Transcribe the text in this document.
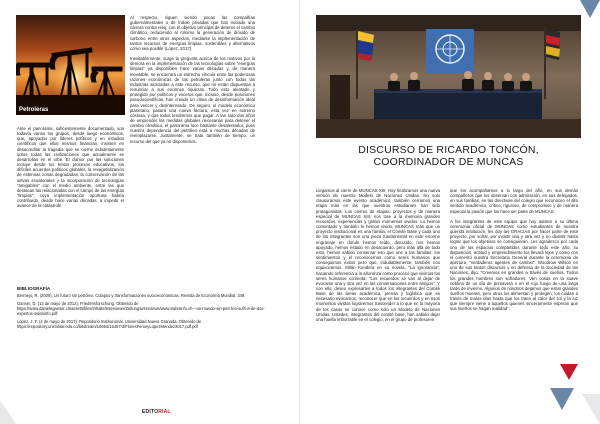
Petroleras

Ante el panorama, suficientemente documentado, son todavía varios los grupos, desde luego económicos, que, apoyados por líderes políticos y en estudios científicos que ellos mismos financian, insisten en desacreditar la tragedia que se cierne indistintamente sobre todas las civilizaciones que actualmente se desarrollan en el orbe. El clamor por las soluciones incluye desde los lentos procesos educativos, los difíciles acuerdos políticos globales, la revegetalización de extensas zonas degradadas, la conservación de las selvas ecuatoriales y la incorporación de tecnologías "amigables" con el medio ambiente, entre las que destacan las relacionadas con el campo de las energías "limpias", cuya implementación oportuna habría contribuido, desde hace varias décadas, a impedir el avance de la catástrofe

Al respecto, siguen siendo pocas las compañías gubernamentales o de índole privadas que han iniciado una carrera contra reloj, con el objetivo principal de detener el cambio climático, reduciendo al mínimo la generación de dióxido de carbono entre otros aspectos, mediante la implementación de tantos recursos de energías limpias, sostenibles y alternativos como sea posible (López, 2017).

Inevitablemente, surge la pregunta acerca de los motivos por la demora en la implementación de las tecnologías sobre "energías limpias" ya disponibles hace varias décadas y, de manera inevitable, se encuentra un estrecho vínculo entre las poderosas razones económicas de las petroleras junto con todas las industrias asociadas a este recurso, que no están dispuestas a renunciar a sus enormes riquezas. Todo esto alentado y protegido por políticos y voceros que, incluso, desde posiciones pseudocientíficas, han creado un clima de desinformación ideal para vencer y desinteresado. De seguro, el modelo económico planetario, pasará una nueva factura, esta vez en extremo costosa, y que todos tendremos que pagar. A tan solo dos años de emprender las medidas globales necesarias para detener el cambio climático, el panorama luce bastante desalentador, pues nuestra dependencia del petróleo está a muchas décadas de reemplazarse. Justamente, se trata también de tiempo, un recurso del que ya no disponemos.

BIBLIOGRAFÍA

Bermejo, R. (2009). Un futuro sin petróleo. Colapso y transformaciones socioeconómicas. Revista de Economía Mundial, 349.

Ganser, D. (13 de mayo de 2012). Friedensforschung. Obtenido de https://www.danieleganser.ch/assets/files/Inhalte/Interviews/Zeitungsinterviews/www.swissinfo.ch---un-mundo-sin-petr-leo-sufri-a-de-dos-expertos-swissinfo.pdf

López, J. F. (4 de mayo de 2017). Repositorio Institucional. Universidad Nueva Granada. Obtenido de https://repository.unimilitar.edu.co/bitstream/10654/16457/3/FloresFerneyLopezMendez2017.pdf.pdf

EDITORIAL
DISCURSO DE RICARDO TONCÓN,
COORDINADOR DE MUNCAS

Llegamos al cierre de MUNCAS XIII. Hoy finalizamos una nueva versión de nuestro Modelo de Naciones Unidas. No solo clausuramos este evento académico, también cerramos una etapa más en las que nuestros estudiantes han sido protagonistas. Los cierres de etapas, proyectos y de manera especial de MUNCAS XIII, nos trae a la memoria grandes recuerdos, experiencias y gratos momentos vividos. Lo hemos comentado y también lo hemos vivido, MUNCAS más que un proyecto institucional es una familia, el Comité Base y cada uno de los integrantes son una pieza fundamental en este enorme engranaje en donde hemos reído, discutido, nos hemos apoyado, hemos estado en desacuerdo, pero más allá de todo esto, hemos sabido conservar eso que une a las familias: los sentimientos y el reconocernos como seres humanos que conseguimos éxitos pero que, indudablemente, también nos equivocamos. Milán Kundera en su novela, "La ignorancia", haciendo referencia a la añoranza como proceso que vivimos los seres humanos comenta: "Los recuerdos se van al dejar de evocarse una y otra vez en las conversaciones entre amigos". Y con ello, deseo expresarles a todos los integrantes del Comité Base de las áreas académica, prensa y logística que es necesario evocarnos, reconocer que en los recuerdos y en esos momentos vividos lograremos trascender a lo que en la mayoría de los casos se conoce como solo un Modelo de Naciones Unidas. Ustedes, integrantes del comité base, han sabido dejar una huella imborrable en el colegio, en el grupo de profesores

que los acompañamos a lo largo del año, en sus demás compañeros que los observan con admiración, en sus delegados, en sus familias, en las directivas del colegio que reconocen el alto sentido académico, crítico, riguroso, de compromiso y de manera especial la pasión que los hace ser parte de MUNCAS.

A los integrantes de este equipo que hoy asisten a su última ceremonia oficial de MUNCAS como estudiantes de nuestra querida institución, les doy las GRACIAS por hacer parte de este proyecto, por soñar, por insistir una y otra vez y no desistir hasta lograr que los objetivos se consiguieran. Les agradezco por cada uno de los espacios compartidos durante todo este año, su disposición, actitud y emprendimiento los llevará lejos y como con el comentó nuestra Secretaria General durante la ceremonia de apertura, "verdaderos agentes de cambio". Woodrow Wilson en uno de sus tantos discursos y en defensa de la Sociedad de las Naciones, dijo: "Creemos en grandes a través de sueños. Todos los grandes hombres son soñadores. Ven cosas en la suave neblina de un día de primavera o en el rojo fuego de una larga tarde de invierno. Algunos de nosotros dejamos que estos grandes sueños mueran, pero otros los alimentan y protegen; los cuidan a través de malos días hasta que los traen al calor del sol y la luz que siempre viene a aquellos quienes sinceramente esperan que sus sueños se hagan realidad".
